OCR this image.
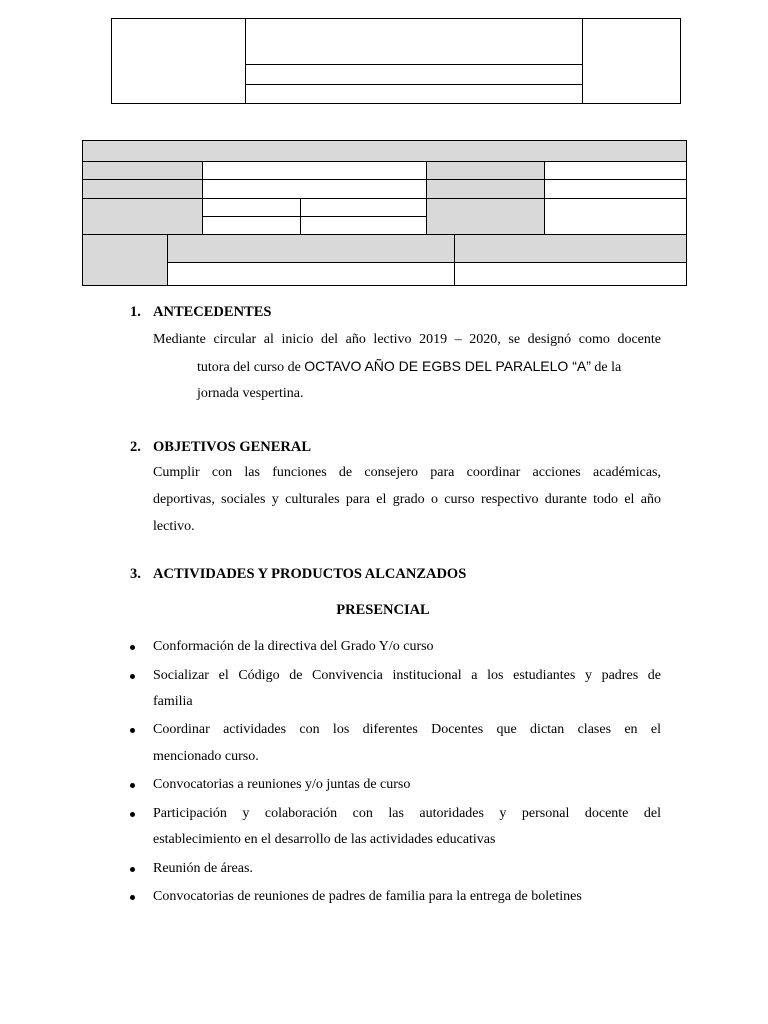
1. ANTECEDENTES
Mediante circular al inicio del año lectivo 2019 – 2020, se designó como docente
tutora del curso de OCTAVO AÑO DE EGBS DEL PARALELO “A” de la
jornada vespertina.
2. OBJETIVOS GENERAL
Cumplir con las funciones de consejero para coordinar acciones académicas,
deportivas, sociales y culturales para el grado o curso respectivo durante todo el año
lectivo.
3. ACTIVIDADES Y PRODUCTOS ALCANZADOS
PRESENCIAL
Conformación de la directiva del Grado Y/o curso
Socializar el Código de Convivencia institucional a los estudiantes y padres de
familia
Coordinar actividades con los diferentes Docentes que dictan clases en el
mencionado curso.
Convocatorias a reuniones y/o juntas de curso
Participación y colaboración con las autoridades y personal docente del
establecimiento en el desarrollo de las actividades educativas
Reunión de áreas.
Convocatorias de reuniones de padres de familia para la entrega de boletines
